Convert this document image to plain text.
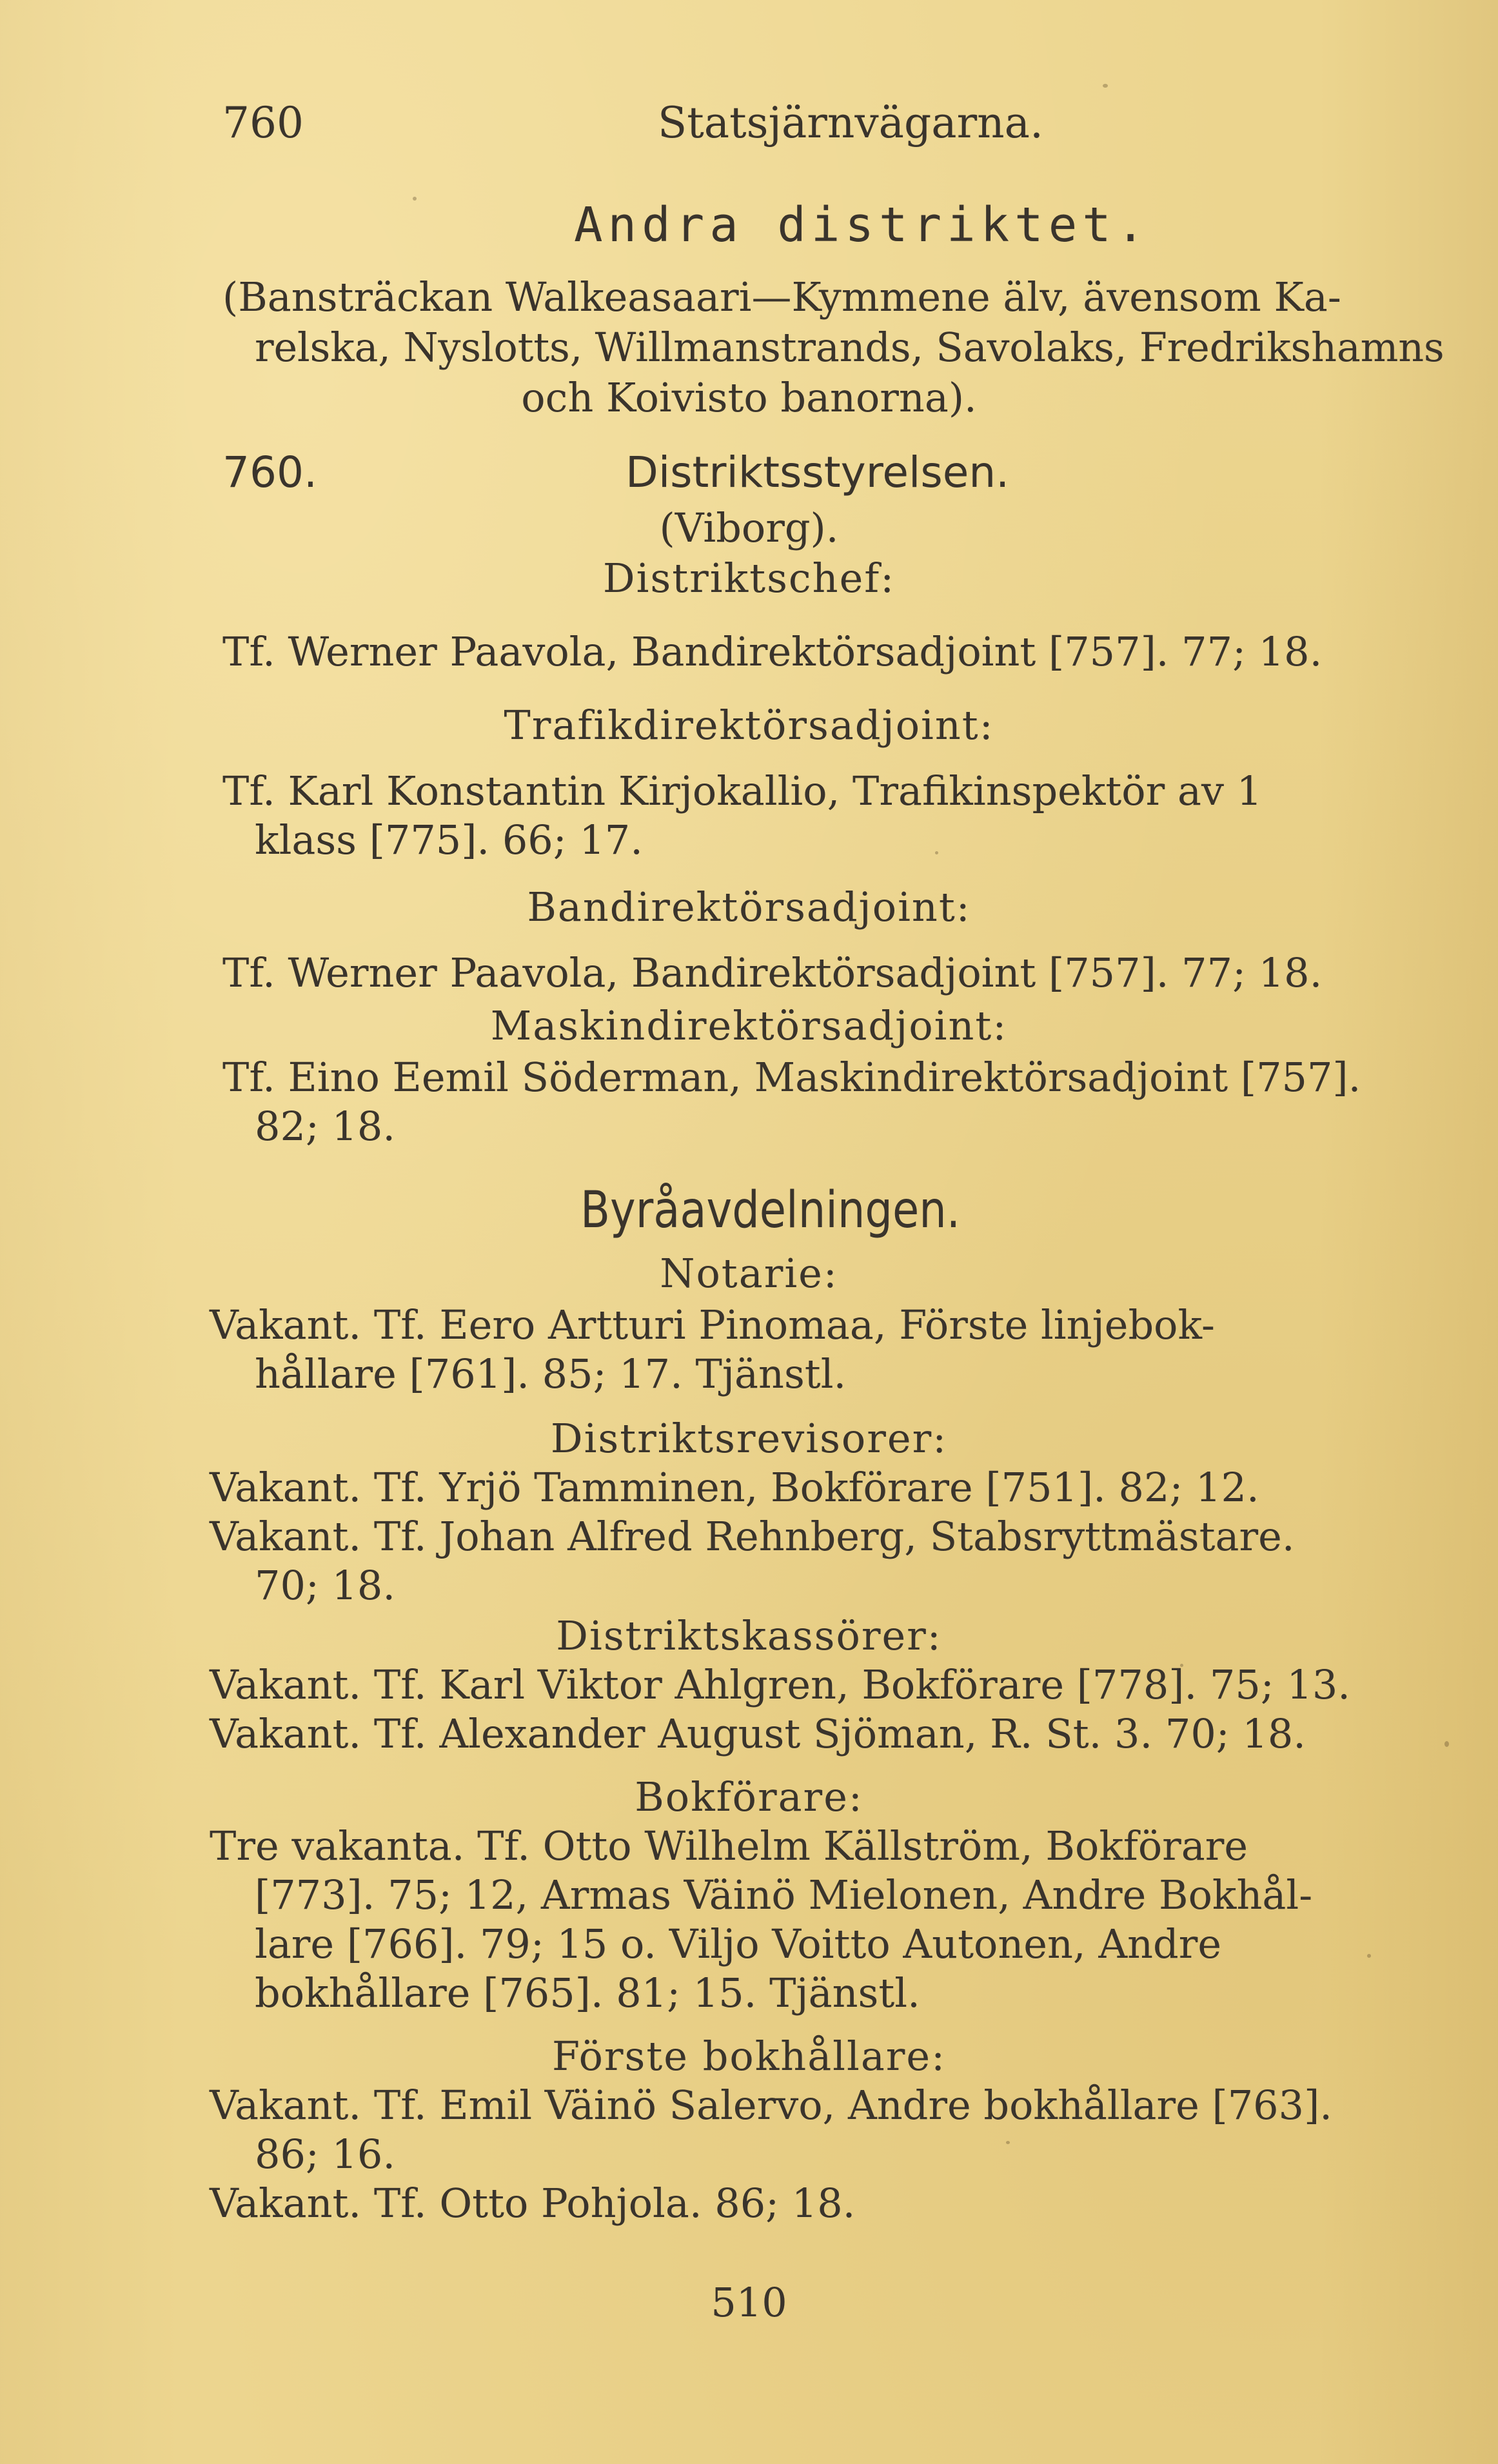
760	Statsjärnvägarna.
Andra distriktet.
(Bansträckan Walkeasaari—Kymmene älv, ävensom Ka-
relska, Nyslotts, Willmanstrands, Savolaks, Fredrikshamns
och Koivisto banorna).
760.	Distriktsstyrelsen.
(Viborg).
Distriktschef:
Tf. Werner Paavola, Bandirektörsadjoint [757]. 77; 18.
Trafikdirektörsadjoint:
Tf. Karl Konstantin Kirjokallio, Trafikinspektör av 1
klass [775]. 66; 17.
Bandirektörsadjoint:
Tf. Werner Paavola, Bandirektörsadjoint [757]. 77; 18.
Maskindirektörsadjoint:
Tf. Eino Eemil Söderman, Maskindirektörsadjoint [757].
82; 18.
Byråavdelningen.
Notarie:
Vakant. Tf. Eero Artturi Pinomaa, Förste linjebok-
hållare [761]. 85; 17. Tjänstl.
Distriktsrevisorer:
Vakant. Tf. Yrjö Tamminen, Bokförare [751]. 82; 12.
Vakant. Tf. Johan Alfred Rehnberg, Stabsryttmästare.
70; 18.
Distriktskassörer:
Vakant. Tf. Karl Viktor Ahlgren, Bokförare [778]. 75; 13.
Vakant. Tf. Alexander August Sjöman, R. St. 3. 70; 18.
Bokförare:
Tre vakanta. Tf. Otto Wilhelm Källström, Bokförare
[773]. 75; 12, Armas Väinö Mielonen, Andre Bokhål-
lare [766]. 79; 15 o. Viljo Voitto Autonen, Andre
bokhållare [765]. 81; 15. Tjänstl.
Förste bokhållare:
Vakant. Tf. Emil Väinö Salervo, Andre bokhållare [763].
86; 16.
Vakant. Tf. Otto Pohjola. 86; 18.
510
